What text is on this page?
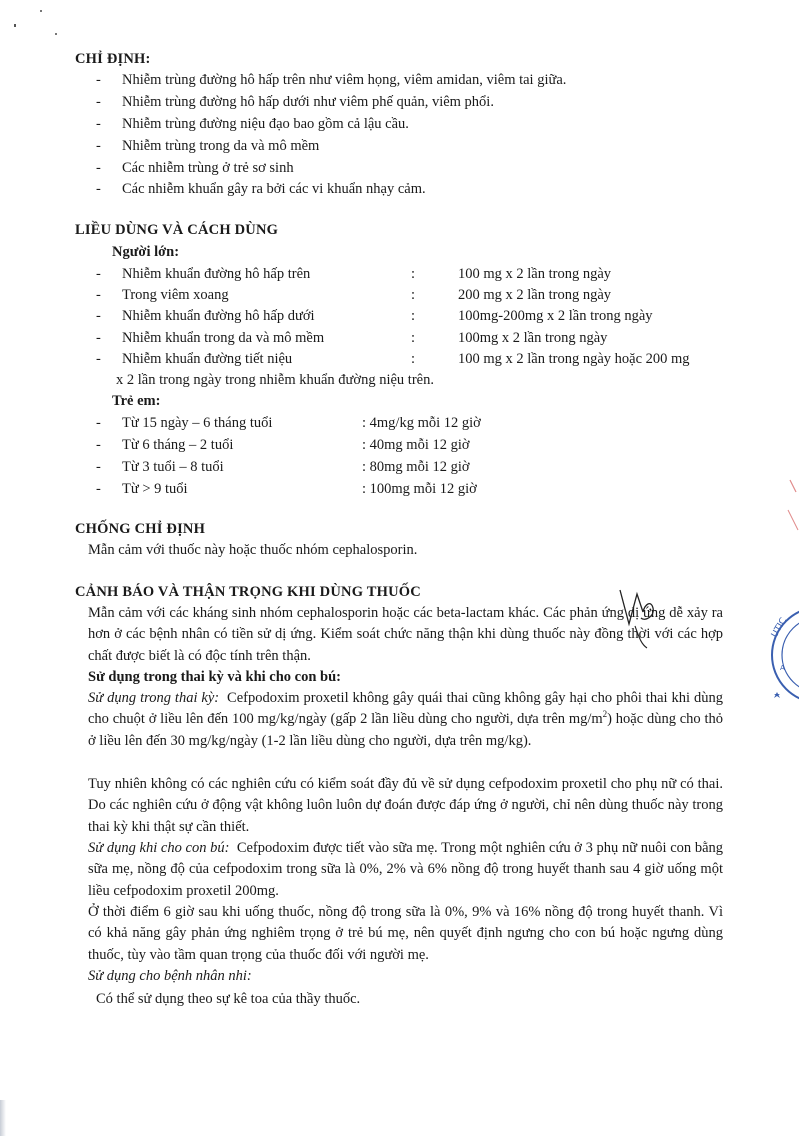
CHỈ ĐỊNH:
- Nhiễm trùng đường hô hấp trên như viêm họng, viêm amidan, viêm tai giữa.
- Nhiễm trùng đường hô hấp dưới như viêm phế quản, viêm phổi.
- Nhiễm trùng đường niệu đạo bao gồm cả lậu cầu.
- Nhiễm trùng trong da và mô mềm
- Các nhiễm trùng ở trẻ sơ sinh
- Các nhiễm khuẩn gây ra bởi các vi khuẩn nhạy cảm.
LIỀU DÙNG VÀ CÁCH DÙNG
Người lớn:
- Nhiễm khuẩn đường hô hấp trên	:	100 mg x 2 lần trong ngày
- Trong viêm xoang	:	200 mg x 2 lần trong ngày
- Nhiễm khuẩn đường hô hấp dưới	:	100mg-200mg x 2 lần trong ngày
- Nhiễm khuẩn trong da và mô mềm	:	100mg x 2 lần trong ngày
- Nhiễm khuẩn đường tiết niệu	:	100 mg x 2 lần trong ngày hoặc 200 mg
x 2 lần trong ngày trong nhiễm khuẩn đường niệu trên.
Trẻ em:
- Từ 15 ngày – 6 tháng tuổi	: 4mg/kg mỗi 12 giờ
- Từ 6 tháng – 2 tuổi	: 40mg mỗi 12 giờ
- Từ 3 tuổi – 8 tuổi	: 80mg mỗi 12 giờ
- Từ > 9 tuổi	: 100mg mỗi 12 giờ
CHỐNG CHỈ ĐỊNH
Mẫn cảm với thuốc này hoặc thuốc nhóm cephalosporin.
CẢNH BÁO VÀ THẬN TRỌNG KHI DÙNG THUỐC
Mẫn cảm với các kháng sinh nhóm cephalosporin hoặc các beta-lactam khác. Các phản ứng dị ứng dễ xảy ra hơn ở các bệnh nhân có tiền sử dị ứng. Kiểm soát chức năng thận khi dùng thuốc này đồng thời với các hợp chất được biết là có độc tính trên thận.
Sử dụng trong thai kỳ và khi cho con bú:
Sử dụng trong thai kỳ: Cefpodoxim proxetil không gây quái thai cũng không gây hại cho phôi thai khi dùng cho chuột ở liều lên đến 100 mg/kg/ngày (gấp 2 lần liều dùng cho người, dựa trên $mg/m^2$) hoặc dùng cho thỏ ở liều lên đến 30 mg/kg/ngày (1-2 lần liều dùng cho người, dựa trên mg/kg).
Tuy nhiên không có các nghiên cứu có kiểm soát đầy đủ về sử dụng cefpodoxim proxetil cho phụ nữ có thai. Do các nghiên cứu ở động vật không luôn luôn dự đoán được đáp ứng ở người, chỉ nên dùng thuốc này trong thai kỳ khi thật sự cần thiết.
Sử dụng khi cho con bú: Cefpodoxim được tiết vào sữa mẹ. Trong một nghiên cứu ở 3 phụ nữ nuôi con bằng sữa mẹ, nồng độ của cefpodoxim trong sữa là 0%, 2% và 6% nồng độ trong huyết thanh sau 4 giờ uống một liều cefpodoxim proxetil 200mg.
Ở thời điểm 6 giờ sau khi uống thuốc, nồng độ trong sữa là 0%, 9% và 16% nồng độ trong huyết thanh. Vì có khả năng gây phản ứng nghiêm trọng ở trẻ bú mẹ, nên quyết định ngưng cho con bú hoặc ngưng dùng thuốc, tùy vào tầm quan trọng của thuốc đối với người mẹ.
Sử dụng cho bệnh nhân nhi:
Có thể sử dụng theo sự kê toa của thầy thuốc.
UTIC
A
